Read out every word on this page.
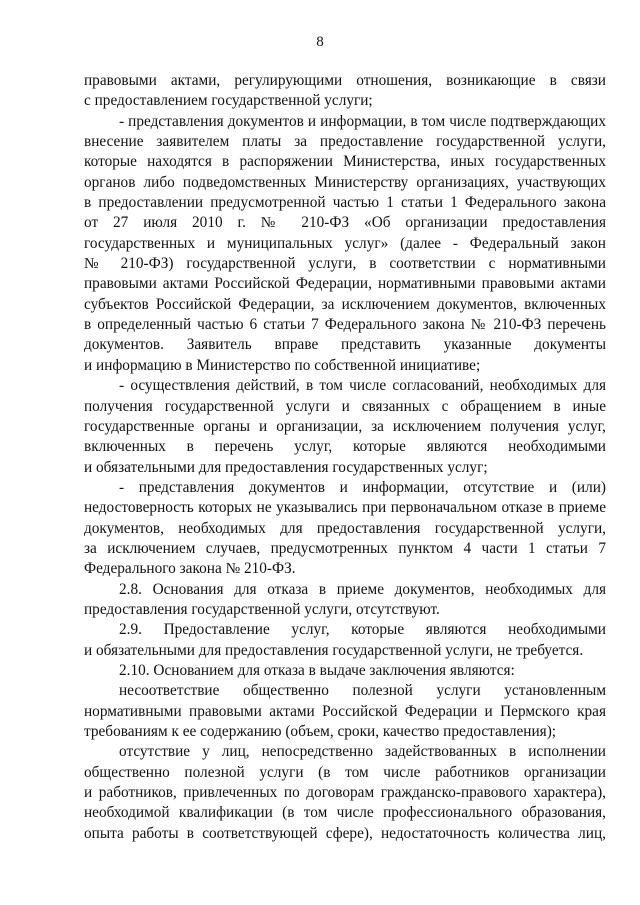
8
правовыми актами, регулирующими отношения, возникающие в связи
с предоставлением государственной услуги;
- представления документов и информации, в том числе подтверждающих
внесение заявителем платы за предоставление государственной услуги,
которые находятся в распоряжении Министерства, иных государственных
органов либо подведомственных Министерству организациях, участвующих
в предоставлении предусмотренной частью 1 статьи 1 Федерального закона
от 27 июля 2010 г. № 210-ФЗ «Об организации предоставления
государственных и муниципальных услуг» (далее - Федеральный закон
№ 210-ФЗ) государственной услуги, в соответствии с нормативными
правовыми актами Российской Федерации, нормативными правовыми актами
субъектов Российской Федерации, за исключением документов, включенных
в определенный частью 6 статьи 7 Федерального закона № 210-ФЗ перечень
документов. Заявитель вправе представить указанные документы
и информацию в Министерство по собственной инициативе;
- осуществления действий, в том числе согласований, необходимых для
получения государственной услуги и связанных с обращением в иные
государственные органы и организации, за исключением получения услуг,
включенных в перечень услуг, которые являются необходимыми
и обязательными для предоставления государственных услуг;
- представления документов и информации, отсутствие и (или)
недостоверность которых не указывались при первоначальном отказе в приеме
документов, необходимых для предоставления государственной услуги,
за исключением случаев, предусмотренных пунктом 4 части 1 статьи 7
Федерального закона № 210-ФЗ.
2.8. Основания для отказа в приеме документов, необходимых для
предоставления государственной услуги, отсутствуют.
2.9. Предоставление услуг, которые являются необходимыми
и обязательными для предоставления государственной услуги, не требуется.
2.10. Основанием для отказа в выдаче заключения являются:
несоответствие общественно полезной услуги установленным
нормативными правовыми актами Российской Федерации и Пермского края
требованиям к ее содержанию (объем, сроки, качество предоставления);
отсутствие у лиц, непосредственно задействованных в исполнении
общественно полезной услуги (в том числе работников организации
и работников, привлеченных по договорам гражданско-правового характера),
необходимой квалификации (в том числе профессионального образования,
опыта работы в соответствующей сфере), недостаточность количества лиц,
